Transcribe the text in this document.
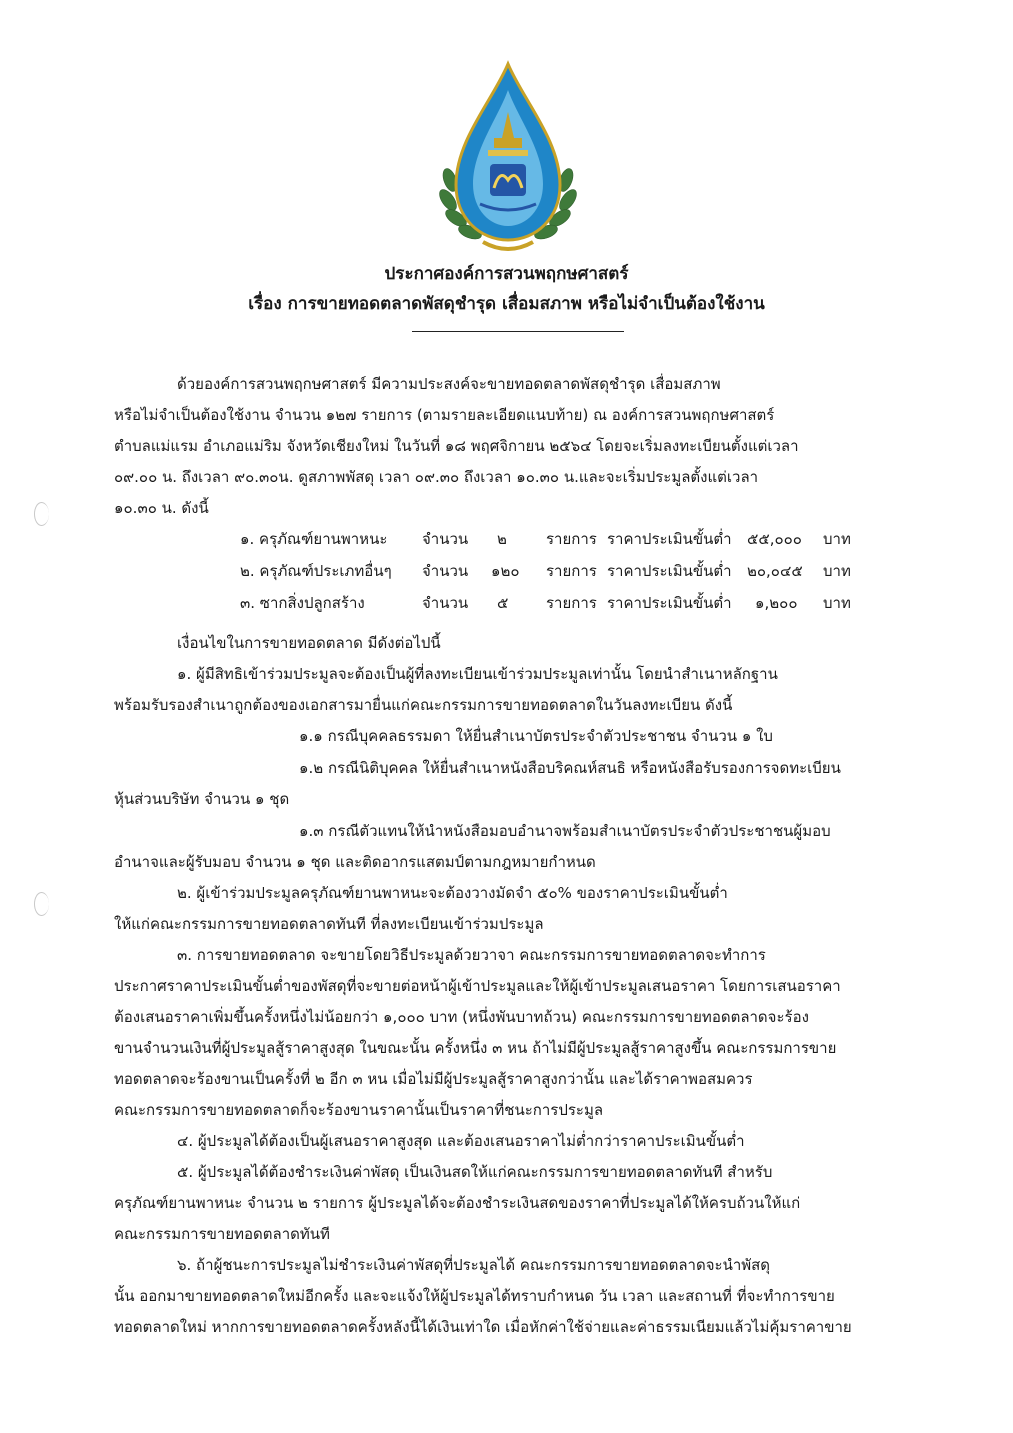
ประกาศองค์การสวนพฤกษศาสตร์
เรื่อง การขายทอดตลาดพัสดุชำรุด เสื่อมสภาพ หรือไม่จำเป็นต้องใช้งาน
ด้วยองค์การสวนพฤกษศาสตร์ มีความประสงค์จะขายทอดตลาดพัสดุชำรุด เสื่อมสภาพ
หรือไม่จำเป็นต้องใช้งาน จำนวน ๑๒๗ รายการ (ตามรายละเอียดแนบท้าย) ณ องค์การสวนพฤกษศาสตร์
ตำบลแม่แรม อำเภอแม่ริม จังหวัดเชียงใหม่ ในวันที่ ๑๘ พฤศจิกายน ๒๕๖๔ โดยจะเริ่มลงทะเบียนตั้งแต่เวลา
๐๙.๐๐ น. ถึงเวลา ๙๐.๓๐น. ดูสภาพพัสดุ เวลา ๐๙.๓๐ ถึงเวลา ๑๐.๓๐ น.และจะเริ่มประมูลตั้งแต่เวลา
๑๐.๓๐ น. ดังนี้
๑. ครุภัณฑ์ยานพาหนะ จำนวน ๒	รายการ ราคาประเมินขั้นต่ำ ๕๕,๐๐๐ บาท
๒. ครุภัณฑ์ประเภทอื่นๆ จำนวน ๑๒๐ รายการ ราคาประเมินขั้นต่ำ ๒๐,๐๔๕ บาท
๓. ซากสิ่งปลูกสร้าง	จำนวน ๕	รายการ ราคาประเมินขั้นต่ำ ๑,๒๐๐ บาท
เงื่อนไขในการขายทอดตลาด มีดังต่อไปนี้
๑. ผู้มีสิทธิเข้าร่วมประมูลจะต้องเป็นผู้ที่ลงทะเบียนเข้าร่วมประมูลเท่านั้น โดยนำสำเนาหลักฐาน
พร้อมรับรองสำเนาถูกต้องของเอกสารมายื่นแก่คณะกรรมการขายทอดตลาดในวันลงทะเบียน ดังนี้
๑.๑ กรณีบุคคลธรรมดา ให้ยื่นสำเนาบัตรประจำตัวประชาชน จำนวน ๑ ใบ
๑.๒ กรณีนิติบุคคล ให้ยื่นสำเนาหนังสือบริคณห์สนธิ หรือหนังสือรับรองการจดทะเบียน
หุ้นส่วนบริษัท จำนวน ๑ ชุด
๑.๓ กรณีตัวแทนให้นำหนังสือมอบอำนาจพร้อมสำเนาบัตรประจำตัวประชาชนผู้มอบ
อำนาจและผู้รับมอบ จำนวน ๑ ชุด และติดอากรแสตมป์ตามกฎหมายกำหนด
๒. ผู้เข้าร่วมประมูลครุภัณฑ์ยานพาหนะจะต้องวางมัดจำ ๕๐% ของราคาประเมินขั้นต่ำ
ให้แก่คณะกรรมการขายทอดตลาดทันที ที่ลงทะเบียนเข้าร่วมประมูล
๓. การขายทอดตลาด จะขายโดยวิธีประมูลด้วยวาจา คณะกรรมการขายทอดตลาดจะทำการ
ประกาศราคาประเมินขั้นต่ำของพัสดุที่จะขายต่อหน้าผู้เข้าประมูลและให้ผู้เข้าประมูลเสนอราคา โดยการเสนอราคา
ต้องเสนอราคาเพิ่มขึ้นครั้งหนึ่งไม่น้อยกว่า ๑,๐๐๐ บาท (หนึ่งพันบาทถ้วน) คณะกรรมการขายทอดตลาดจะร้อง
ขานจำนวนเงินที่ผู้ประมูลสู้ราคาสูงสุด ในขณะนั้น ครั้งหนึ่ง ๓ หน ถ้าไม่มีผู้ประมูลสู้ราคาสูงขึ้น คณะกรรมการขาย
ทอดตลาดจะร้องขานเป็นครั้งที่ ๒ อีก ๓ หน เมื่อไม่มีผู้ประมูลสู้ราคาสูงกว่านั้น และได้ราคาพอสมควร
คณะกรรมการขายทอดตลาดก็จะร้องขานราคานั้นเป็นราคาที่ชนะการประมูล
๔. ผู้ประมูลได้ต้องเป็นผู้เสนอราคาสูงสุด และต้องเสนอราคาไม่ต่ำกว่าราคาประเมินขั้นต่ำ
๕. ผู้ประมูลได้ต้องชำระเงินค่าพัสดุ เป็นเงินสดให้แก่คณะกรรมการขายทอดตลาดทันที สำหรับ
ครุภัณฑ์ยานพาหนะ จำนวน ๒ รายการ ผู้ประมูลได้จะต้องชำระเงินสดของราคาที่ประมูลได้ให้ครบถ้วนให้แก่
คณะกรรมการขายทอดตลาดทันที
๖. ถ้าผู้ชนะการประมูลไม่ชำระเงินค่าพัสดุที่ประมูลได้ คณะกรรมการขายทอดตลาดจะนำพัสดุ
นั้น ออกมาขายทอดตลาดใหม่อีกครั้ง และจะแจ้งให้ผู้ประมูลได้ทราบกำหนด วัน เวลา และสถานที่ ที่จะทำการขาย
ทอดตลาดใหม่ หากการขายทอดตลาดครั้งหลังนี้ได้เงินเท่าใด เมื่อหักค่าใช้จ่ายและค่าธรรมเนียมแล้วไม่คุ้มราคาขาย
